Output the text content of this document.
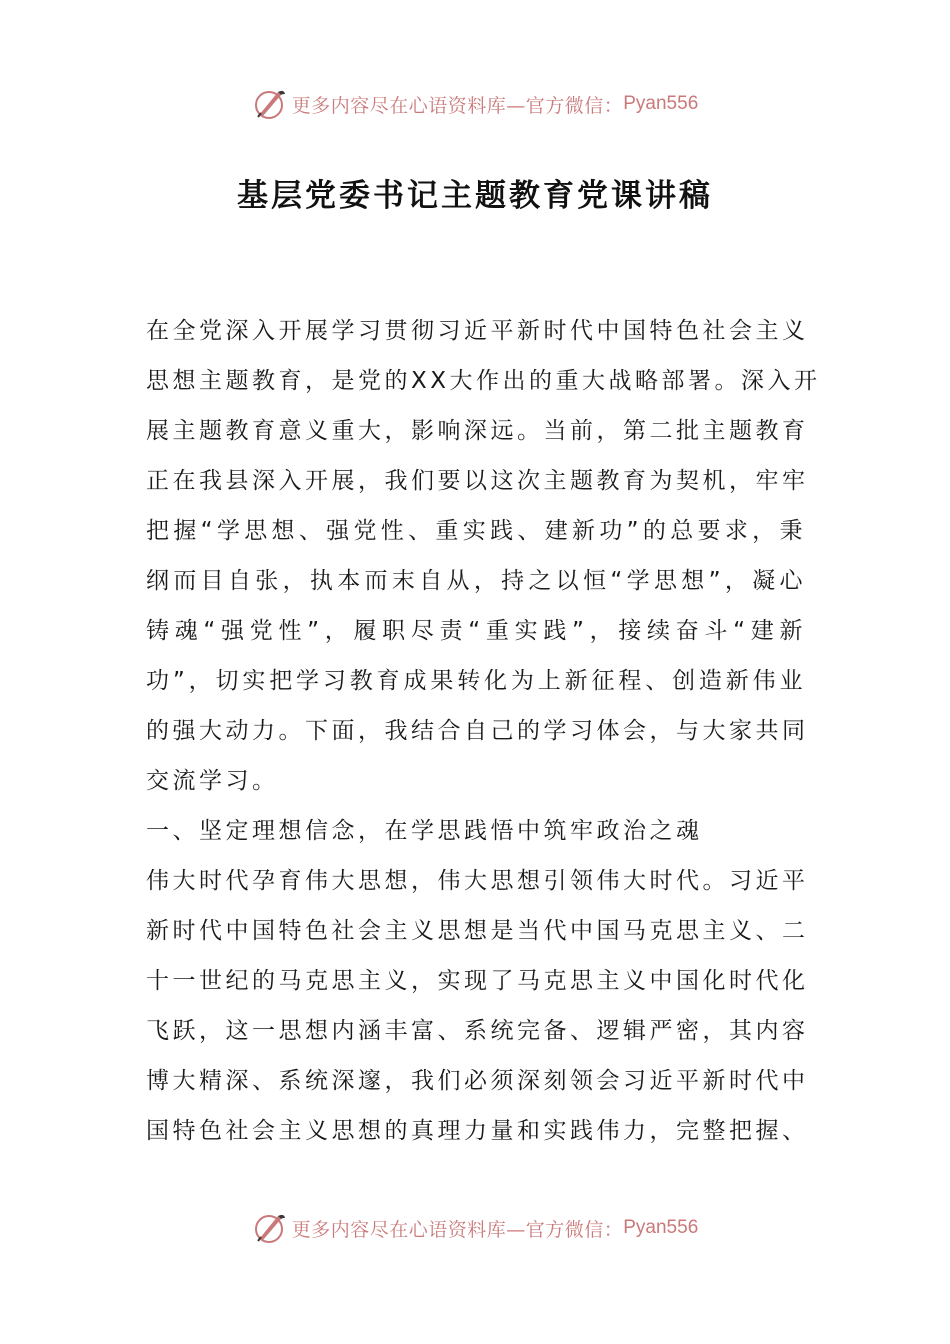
更多内容尽在心语资料库—官方微信： Pyan556
基层党委书记主题教育党课讲稿
在全党深入开展学习贯彻习近平新时代中国特色社会主义
思想主题教育，是党的XX大作出的重大战略部署。深入开
展主题教育意义重大，影响深远。当前，第二批主题教育
正在我县深入开展，我们要以这次主题教育为契机，牢牢
把握“学思想、强党性、重实践、建新功”的总要求，秉
纲而目自张，执本而末自从，持之以恒“学思想”，凝心
铸魂“强党性”，履职尽责“重实践”，接续奋斗“建新
功”，切实把学习教育成果转化为上新征程、创造新伟业
的强大动力。下面，我结合自己的学习体会，与大家共同
交流学习。
一、坚定理想信念，在学思践悟中筑牢政治之魂
伟大时代孕育伟大思想，伟大思想引领伟大时代。习近平
新时代中国特色社会主义思想是当代中国马克思主义、二
十一世纪的马克思主义，实现了马克思主义中国化时代化
飞跃，这一思想内涵丰富、系统完备、逻辑严密，其内容
博大精深、系统深邃，我们必须深刻领会习近平新时代中
国特色社会主义思想的真理力量和实践伟力，完整把握、
更多内容尽在心语资料库—官方微信： Pyan556
